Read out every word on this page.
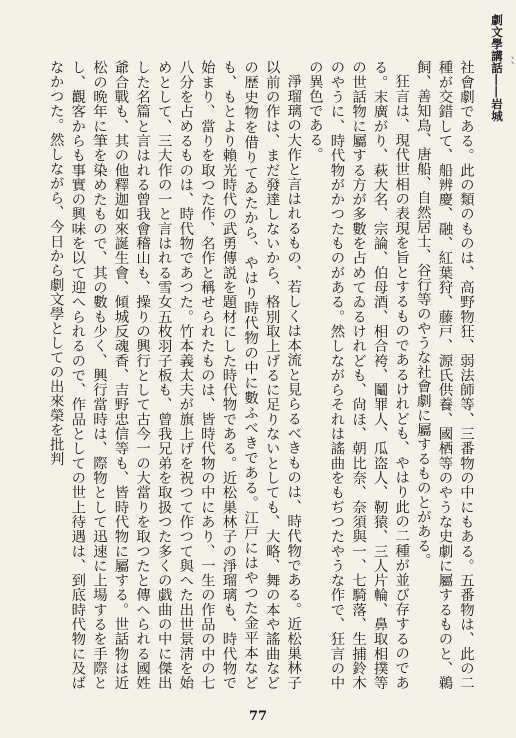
劇文學講話――岩城
、、

社會劇である。此の類のものは、高野物狂、弱法師等、三番物の中にもある。五番物は、此の二種が交錯して、船辨慶、融、紅葉狩、藤戸、源氏供養、國栖等のやうな史劇に屬するものと、鵜飼、善知鳥、唐船、自然居士、谷行等のやうな社會劇に屬するものとがある。

狂言は、現代世相の表現を旨とするものであるけれども、やはり此の二種が並び存するのである。末廣がり、萩大名、宗論、伯母酒、相合袴、鬮罪人、瓜盗人、靭猿、三人片輪、鼻取相撲等の世話物に屬する方が多數を占めてゐるけれども、尙ほ、朝比奈、奈須與一、七騎落、生捕鈴木のやうに、時代物がかつたものがある。然しながらそれは謠曲をもぢつたやうな作で、狂言の中の異色である。

淨瑠璃の大作と言はれるもの、若しくは本流と見らるべきものは、時代物である。近松巣林子以前の作は、まだ發達しないから、格別取上げるに足りないとしても、大略、舞の本や謠曲などの歴史物を借りてゐたから、やはり時代物の中に數ふべきである。江戸にはやつた金平本なども、もとより賴光時代の武勇傳説を題材にした時代物である。近松巣林子の淨瑠璃も、時代物で始まり、當りを取つた作、名作と稱せられたものは、皆時代物の中にあり、一生の作品の中の七八分を占めるものは、時代物であつた。竹本義太夫が旗上げを祝つて作つて與へた出世景淸を始めとして、三大作の一と言はれる雪女五枚羽子板も、曾我兄弟を取扱つた多くの戯曲の中に傑出した名篇と言はれる曾我會稽山も、操りの興行として古今一の大當りを取つたと傳へられる國姓爺合戰も、其の他釋迦如來誕生會、傾城反魂香、吉野忠信等も、皆時代物に屬する。世話物は近松の晩年に筆を染めたもので、其の數も少く、興行當時は、際物として迅速に上場するを手際とし、觀客からも事實の興味を以て迎へられるので、作品としての世上待遇は、到底時代物に及ばなかつた。然しながら、今日から劇文學としての出來榮を批判

77
